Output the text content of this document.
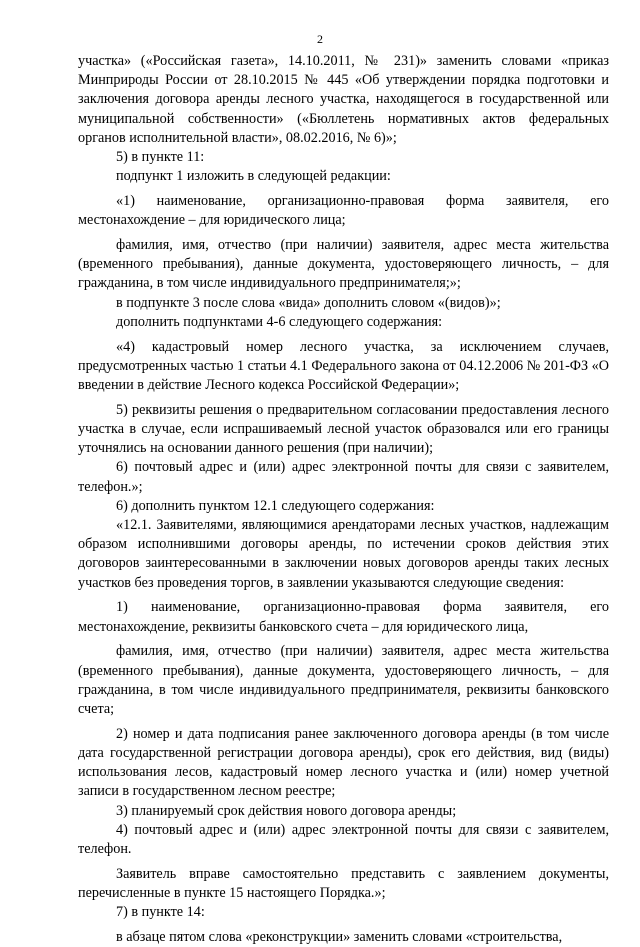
2

участка» («Российская газета», 14.10.2011, № 231)» заменить словами «приказ Минприроды России от 28.10.2015 № 445 «Об утверждении порядка подготовки и заключения договора аренды лесного участка, находящегося в государственной или муниципальной собственности» («Бюллетень нормативных актов федеральных органов исполнительной власти», 08.02.2016, № 6)»;

5) в пункте 11:

подпункт 1 изложить в следующей редакции:

«1) наименование, организационно-правовая форма заявителя, его местонахождение – для юридического лица;

фамилия, имя, отчество (при наличии) заявителя, адрес места жительства (временного пребывания), данные документа, удостоверяющего личность, – для гражданина, в том числе индивидуального предпринимателя;»;

в подпункте 3 после слова «вида» дополнить словом «(видов)»;

дополнить подпунктами 4-6 следующего содержания:

«4) кадастровый номер лесного участка, за исключением случаев, предусмотренных частью 1 статьи 4.1 Федерального закона от 04.12.2006 № 201-ФЗ «О введении в действие Лесного кодекса Российской Федерации»;

5) реквизиты решения о предварительном согласовании предоставления лесного участка в случае, если испрашиваемый лесной участок образовался или его границы уточнялись на основании данного решения (при наличии);

6) почтовый адрес и (или) адрес электронной почты для связи с заявителем, телефон.»;

6) дополнить пунктом 12.1 следующего содержания:

«12.1. Заявителями, являющимися арендаторами лесных участков, надлежащим образом исполнившими договоры аренды, по истечении сроков действия этих договоров заинтересованными в заключении новых договоров аренды таких лесных участков без проведения торгов, в заявлении указываются следующие сведения:

1) наименование, организационно-правовая форма заявителя, его местонахождение, реквизиты банковского счета – для юридического лица,

фамилия, имя, отчество (при наличии) заявителя, адрес места жительства (временного пребывания), данные документа, удостоверяющего личность, – для гражданина, в том числе индивидуального предпринимателя, реквизиты банковского счета;

2) номер и дата подписания ранее заключенного договора аренды (в том числе дата государственной регистрации договора аренды), срок его действия, вид (виды) использования лесов, кадастровый номер лесного участка и (или) номер учетной записи в государственном лесном реестре;

3) планируемый срок действия нового договора аренды;

4) почтовый адрес и (или) адрес электронной почты для связи с заявителем, телефон.

Заявитель вправе самостоятельно представить с заявлением документы, перечисленные в пункте 15 настоящего Порядка.»;

7) в пункте 14:

в абзаце пятом слова «реконструкции» заменить словами «строительства,
